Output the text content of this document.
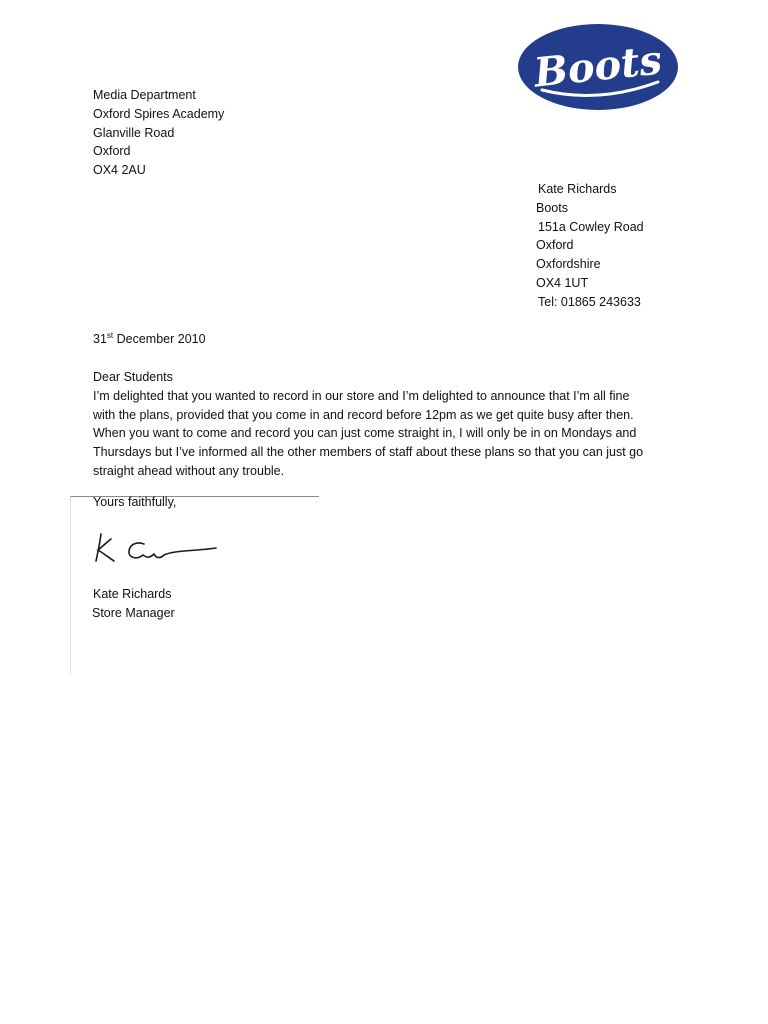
Boots
Media Department
Oxford Spires Academy
Glanville Road
Oxford
OX4 2AU
Kate Richards
Boots
151a Cowley Road
Oxford
Oxfordshire
OX4 1UT
Tel: 01865 243633
31st December 2010
Dear Students
I’m delighted that you wanted to record in our store and I’m delighted to announce that I’m all fine
with the plans, provided that you come in and record before 12pm as we get quite busy after then.
When you want to come and record you can just come straight in, I will only be in on Mondays and
Thursdays but I’ve informed all the other members of staff about these plans so that you can just go
straight ahead without any trouble.
Yours faithfully,
Kate Richards
Store Manager
